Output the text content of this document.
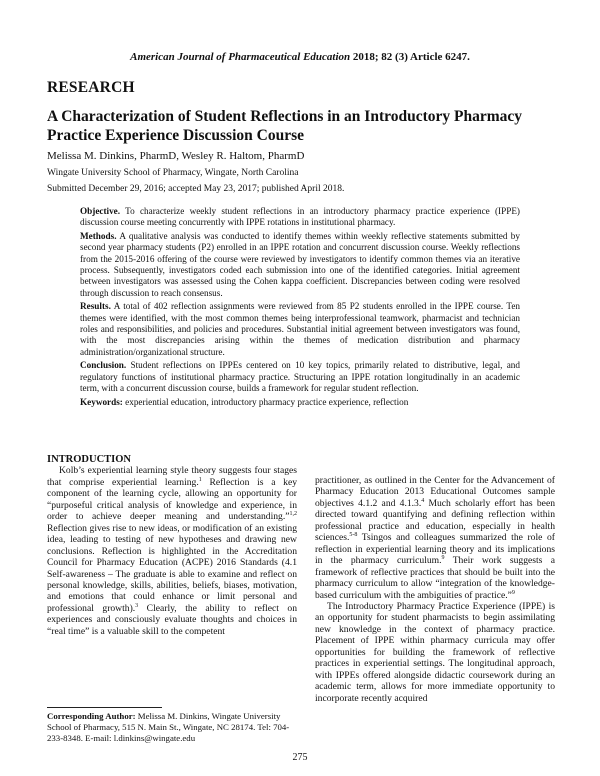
American Journal of Pharmaceutical Education 2018; 82 (3) Article 6247.
RESEARCH
A Characterization of Student Reflections in an Introductory Pharmacy Practice Experience Discussion Course
Melissa M. Dinkins, PharmD, Wesley R. Haltom, PharmD
Wingate University School of Pharmacy, Wingate, North Carolina
Submitted December 29, 2016; accepted May 23, 2017; published April 2018.

Objective. To characterize weekly student reflections in an introductory pharmacy practice experience (IPPE) discussion course meeting concurrently with IPPE rotations in institutional pharmacy.

Methods. A qualitative analysis was conducted to identify themes within weekly reflective statements submitted by second year pharmacy students (P2) enrolled in an IPPE rotation and concurrent discussion course. Weekly reflections from the 2015-2016 offering of the course were reviewed by investigators to identify common themes via an iterative process. Subsequently, investigators coded each submission into one of the identified categories. Initial agreement between investigators was assessed using the Cohen kappa coefficient. Discrepancies between coding were resolved through discussion to reach consensus.

Results. A total of 402 reflection assignments were reviewed from 85 P2 students enrolled in the IPPE course. Ten themes were identified, with the most common themes being interprofessional teamwork, pharmacist and technician roles and responsibilities, and policies and procedures. Substantial initial agreement between investigators was found, with the most discrepancies arising within the themes of medication distribution and pharmacy administration/organizational structure.

Conclusion. Student reflections on IPPEs centered on 10 key topics, primarily related to distributive, legal, and regulatory functions of institutional pharmacy practice. Structuring an IPPE rotation longitudinally in an academic term, with a concurrent discussion course, builds a framework for regular student reflection.

Keywords: experiential education, introductory pharmacy practice experience, reflection

INTRODUCTION

Kolb’s experiential learning style theory suggests four stages that comprise experiential learning.$^1$ Reflection is a key component of the learning cycle, allowing an opportunity for “purposeful critical analysis of knowledge and experience, in order to achieve deeper meaning and understanding.”$^{1,2}$ Reflection gives rise to new ideas, or modification of an existing idea, leading to testing of new hypotheses and drawing new conclusions. Reflection is highlighted in the Accreditation Council for Pharmacy Education (ACPE) 2016 Standards (4.1 Self-awareness – The graduate is able to examine and reflect on personal knowledge, skills, abilities, beliefs, biases, motivation, and emotions that could enhance or limit personal and professional growth).$^3$ Clearly, the ability to reflect on experiences and consciously evaluate thoughts and choices in “real time” is a valuable skill to the competent

practitioner, as outlined in the Center for the Advancement of Pharmacy Education 2013 Educational Outcomes sample objectives 4.1.2 and 4.1.3.$^4$ Much scholarly effort has been directed toward quantifying and defining reflection within professional practice and education, especially in health sciences.$^{5-8}$ Tsingos and colleagues summarized the role of reflection in experiential learning theory and its implications in the pharmacy curriculum.$^9$ Their work suggests a framework of reflective practices that should be built into the pharmacy curriculum to allow “integration of the knowledge-based curriculum with the ambiguities of practice.”$^9$

The Introductory Pharmacy Practice Experience (IPPE) is an opportunity for student pharmacists to begin assimilating new knowledge in the context of pharmacy practice. Placement of IPPE within pharmacy curricula may offer opportunities for building the framework of reflective practices in experiential settings. The longitudinal approach, with IPPEs offered alongside didactic coursework during an academic term, allows for more immediate opportunity to incorporate recently acquired

Corresponding Author: Melissa M. Dinkins, Wingate University School of Pharmacy, 515 N. Main St., Wingate, NC 28174. Tel: 704-233-8348. E-mail: l.dinkins@wingate.edu
275
